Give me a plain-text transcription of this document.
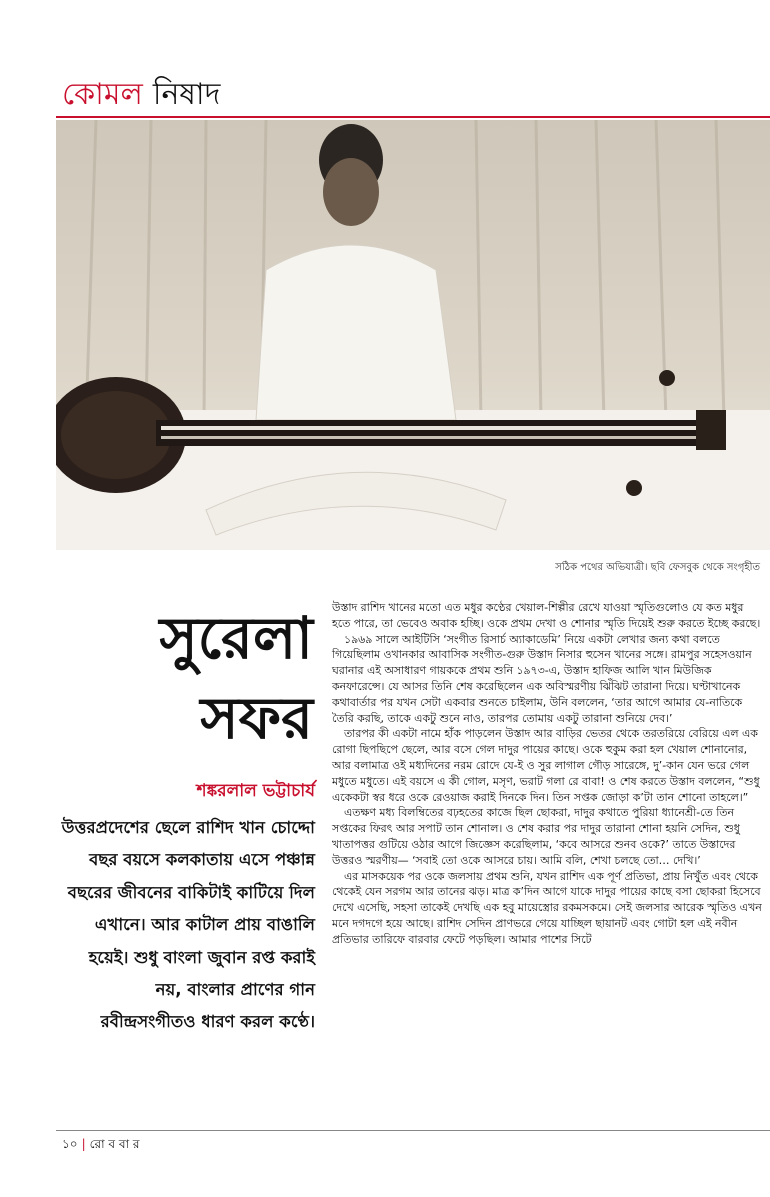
কোমল নিষাদ
সঠিক পথের অভিযাত্রী। ছবি ফেসবুক থেকে সংগৃহীত
সুরেলা
সফর
শঙ্করলাল ভট্টাচার্য
উত্তরপ্রদেশের ছেলে রাশিদ খান চোদ্দো বছর বয়সে কলকাতায় এসে পঞ্চান্ন বছরের জীবনের বাকিটাই কাটিয়ে দিল এখানে। আর কাটাল প্রায় বাঙালি হয়েই। শুধু বাংলা জুবান রপ্ত করাই নয়, বাংলার প্রাণের গান রবীন্দ্রসংগীতও ধারণ করল কণ্ঠে।

উস্তাদ রাশিদ খানের মতো এত মধুর কণ্ঠের খেয়াল-শিল্পীর রেখে যাওয়া স্মৃতিগুলোও যে কত মধুর হতে পারে, তা ভেবেও অবাক হচ্ছি। ওকে প্রথম দেখা ও শোনার স্মৃতি দিয়েই শুরু করতে ইচ্ছে করছে।

১৯৬৯ সালে আইটিসি ‘সংগীত রিসার্চ অ্যাকাডেমি’ নিয়ে একটা লেখার জন্য কথা বলতে গিয়েছিলাম ওখানকার আবাসিক সংগীত-গুরু উস্তাদ নিসার হুসেন খানের সঙ্গে। রামপুর সহেসওয়ান ঘরানার এই অসাধারণ গায়ককে প্রথম শুনি ১৯৭৩-এ, উস্তাদ হাফিজ আলি খান মিউজিক কনফারেন্সে। যে আসর তিনি শেষ করেছিলেন এক অবিস্মরণীয় ঝিঁঝিট তারানা দিয়ে। ঘণ্টাখানেক কথাবার্তার পর যখন সেটা একবার শুনতে চাইলাম, উনি বললেন, ‘তার আগে আমার যে-নাতিকে তৈরি করছি, তাকে একটু শুনে নাও, তারপর তোমায় একটু তারানা শুনিয়ে দেব।’

তারপর কী একটা নামে হাঁক পাড়লেন উস্তাদ আর বাড়ির ভেতর থেকে তরতরিয়ে বেরিয়ে এল এক রোগা ছিপছিপে ছেলে, আর বসে গেল দাদুর পায়ের কাছে। ওকে হুকুম করা হল খেয়াল শোনানোর, আর বলামাত্র ওই মধ্যদিনের নরম রোদে যে-ই ও সুর লাগাল গৌড় সারেঙ্গে, দু’-কান যেন ভরে গেল মধুতে মধুতে। এই বয়সে এ কী গোল, মসৃণ, ভরাট গলা রে বাবা! ও শেষ করতে উস্তাদ বললেন, “শুধু একেকটা স্বর ধরে ওকে রেওয়াজ করাই দিনকে দিন। তিন সপ্তক জোড়া ক’টা তান শোনো তাহলে।”

এতক্ষণ মধ্য বিলম্বিতের বঢ়হতের কাজে ছিল ছোকরা, দাদুর কথাতে পুরিয়া ধ্যানেশ্রী-তে তিন সপ্তকের ফিরৎ আর সপাট তান শোনাল। ও শেষ করার পর দাদুর তারানা শোনা হয়নি সেদিন, শুধু খাতাপত্তর গুটিয়ে ওঠার আগে জিজ্ঞেস করেছিলাম, ‘কবে আসরে শুনব ওকে?’ তাতে উস্তাদের উত্তরও স্মরণীয়— ‘সবাই তো ওকে আসরে চায়। আমি বলি, শেখা চলছে তো… দেখি।’

এর মাসকয়েক পর ওকে জলসায় প্রথম শুনি, যখন রাশিদ এক পূর্ণ প্রতিভা, প্রায় নিখুঁত এবং থেকে থেকেই যেন সরগম আর তানের ঝড়। মাত্র ক’দিন আগে যাকে দাদুর পায়ের কাছে বসা ছোকরা হিসেবে দেখে এসেছি, সহসা তাকেই দেখছি এক হবু মায়েস্ত্রোর রকমসকমে। সেই জলসার আরেক স্মৃতিও এখন মনে দগদগে হয়ে আছে। রাশিদ সেদিন প্রাণভরে গেয়ে যাচ্ছিল ছায়ানট এবং গোটা হল এই নবীন প্রতিভার তারিফে বারবার ফেটে পড়ছিল। আমার পাশের সিটে

১০ | রো ব বা র
